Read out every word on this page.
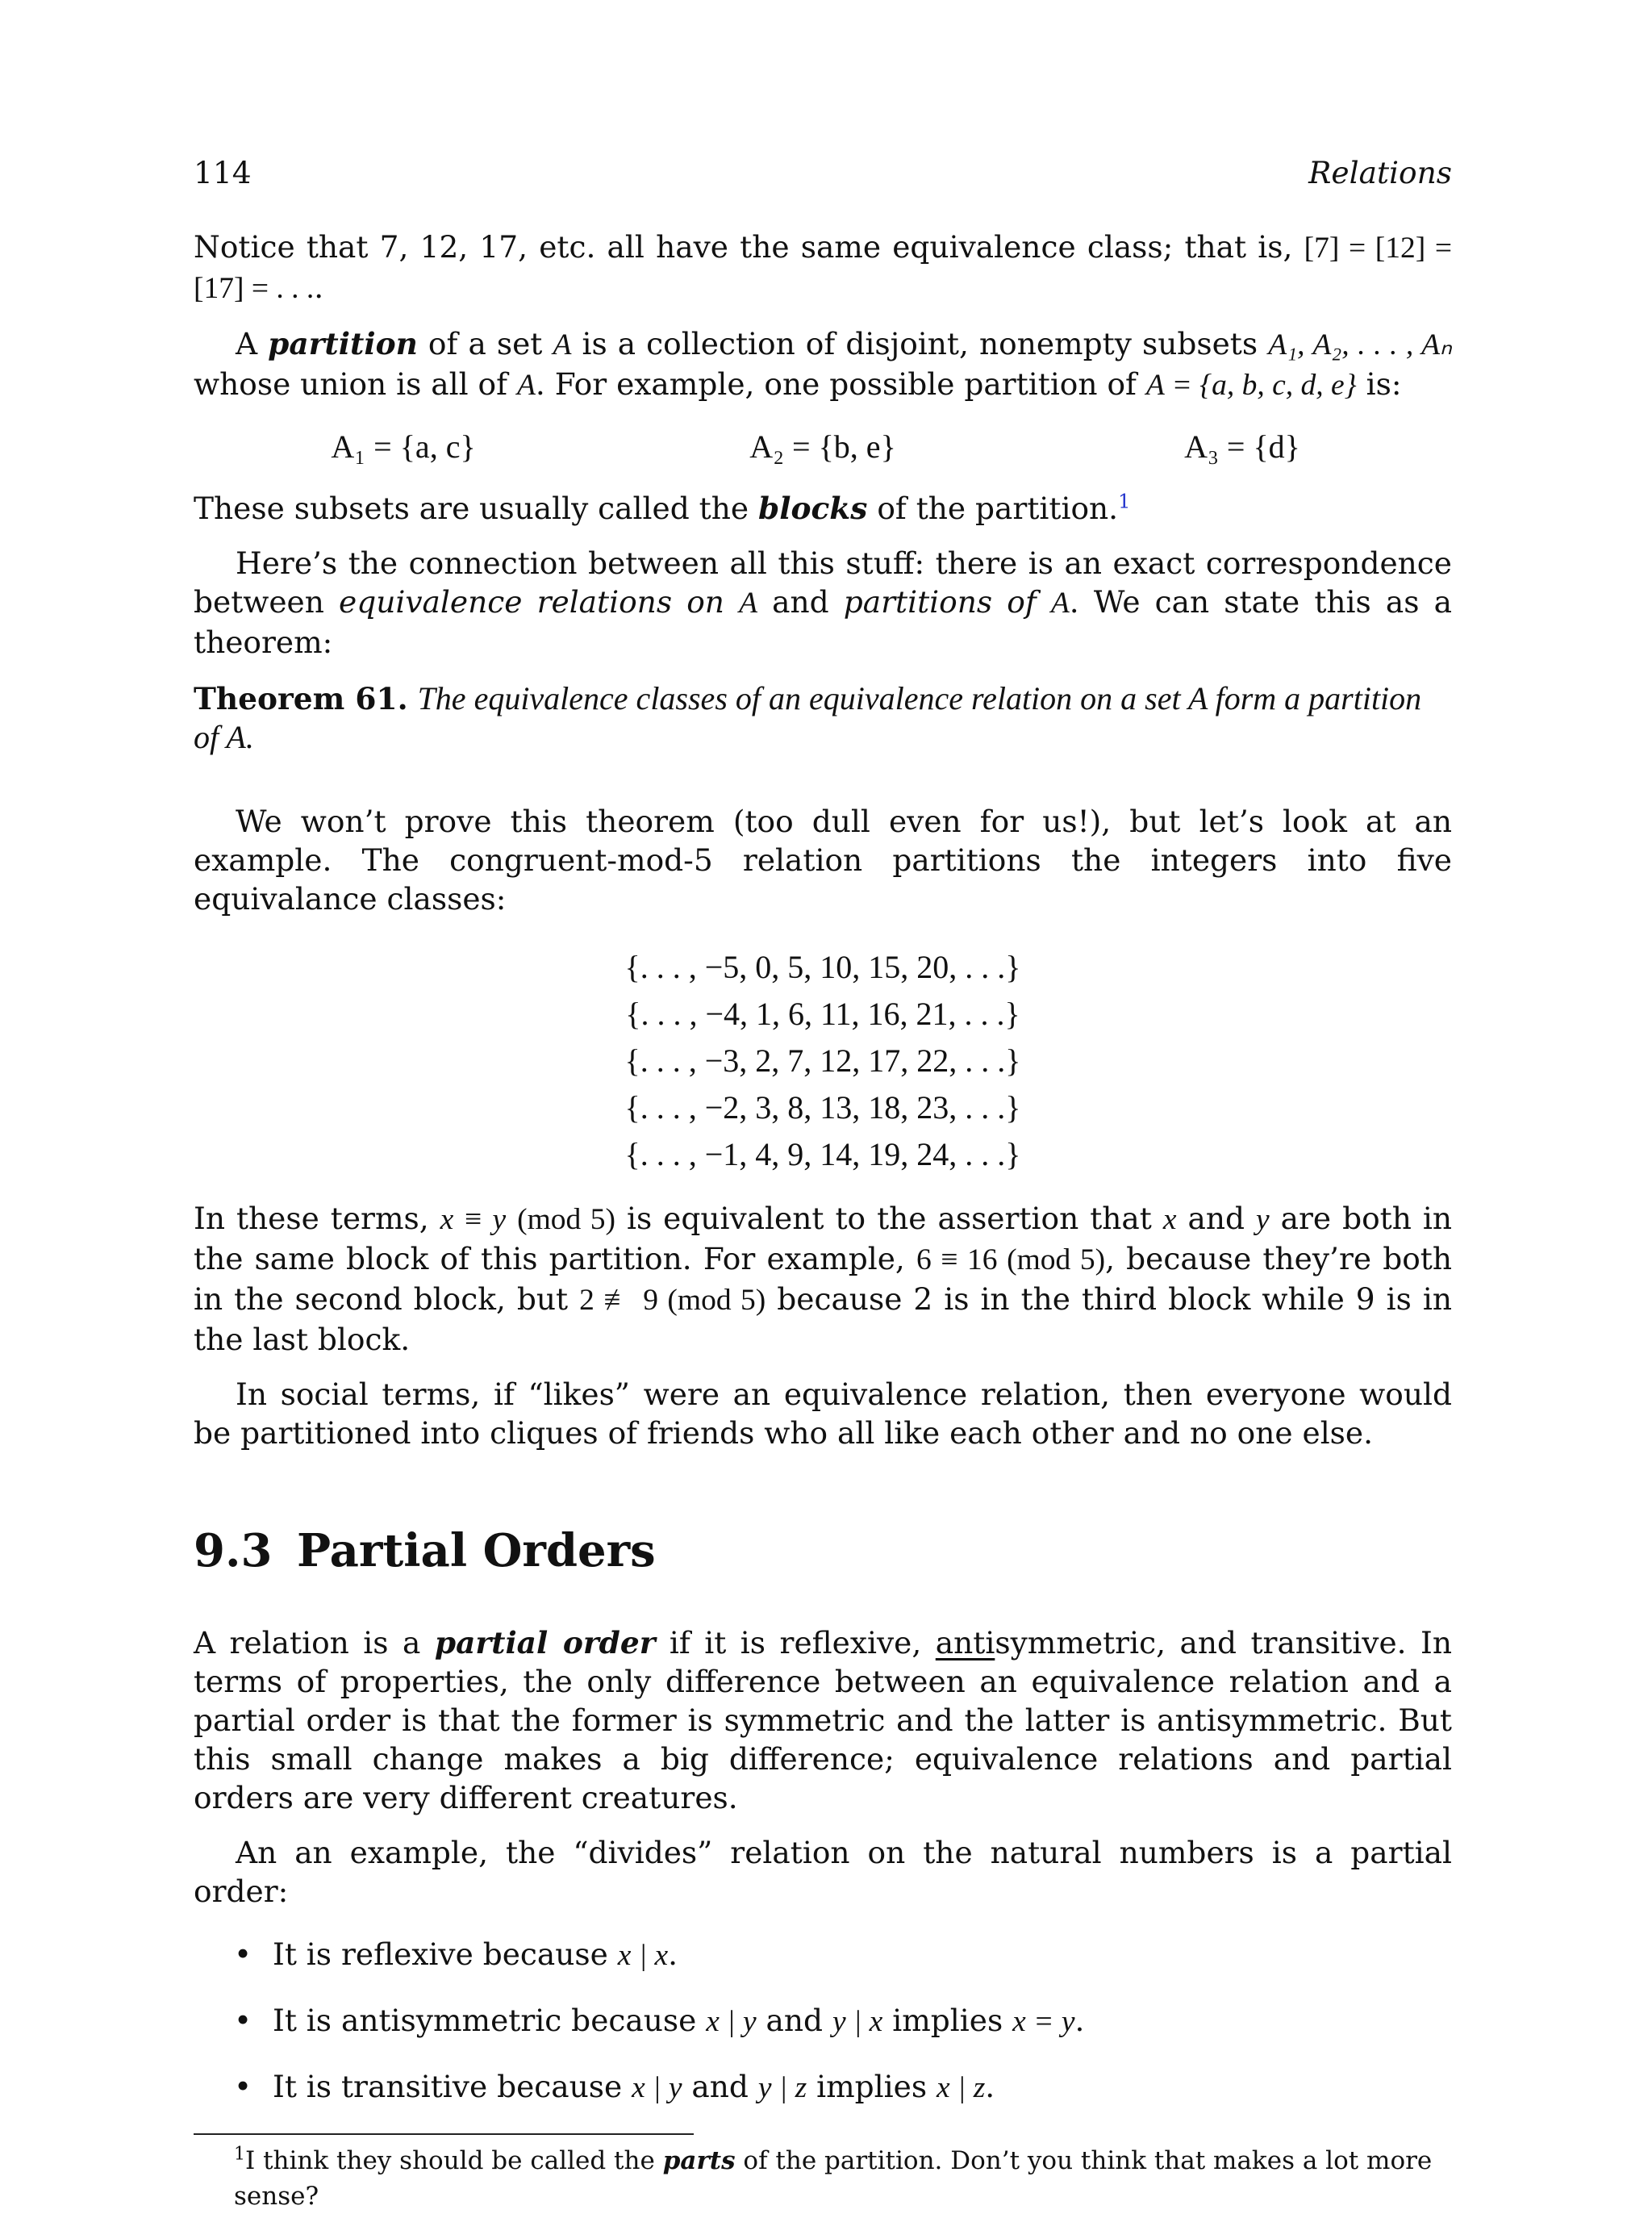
114	Relations

Notice that 7, 12, 17, etc. all have the same equivalence class; that is, [7] = [12] = [17] = . . ..

A partition of a set A is a collection of disjoint, nonempty subsets A₁, A₂, . . . , Aₙ whose union is all of A. For example, one possible partition of A = {a, b, c, d, e} is:

A₁ = {a, c}	A₂ = {b, e}	A₃ = {d}

These subsets are usually called the blocks of the partition.$^1$

Here’s the connection between all this stuff: there is an exact correspondence between equivalence relations on A and partitions of A. We can state this as a theorem:

Theorem 61. The equivalence classes of an equivalence relation on a set A form a partition of A.

We won’t prove this theorem (too dull even for us!), but let’s look at an example. The congruent-mod-5 relation partitions the integers into five equivalance classes:

{. . . , −5, 0, 5, 10, 15, 20, . . .}
{. . . , −4, 1, 6, 11, 16, 21, . . .}
{. . . , −3, 2, 7, 12, 17, 22, . . .}
{. . . , −2, 3, 8, 13, 18, 23, . . .}
{. . . , −1, 4, 9, 14, 19, 24, . . .}

In these terms, x ≡ y (mod 5) is equivalent to the assertion that x and y are both in the same block of this partition. For example, 6 ≡ 16 (mod 5), because they’re both in the second block, but 2 ≢ 9 (mod 5) because 2 is in the third block while 9 is in the last block.

In social terms, if “likes” were an equivalence relation, then everyone would be partitioned into cliques of friends who all like each other and no one else.

9.3 Partial Orders

A relation is a partial order if it is reflexive, antisymmetric, and transitive. In terms of properties, the only difference between an equivalence relation and a partial order is that the former is symmetric and the latter is antisymmetric. But this small change makes a big difference; equivalence relations and partial orders are very different creatures.

An an example, the “divides” relation on the natural numbers is a partial order:

• It is reflexive because x | x.
• It is antisymmetric because x | y and y | x implies x = y.
• It is transitive because x | y and y | z implies x | z.
$^1$I think they should be called the parts of the partition. Don’t you think that makes a lot more sense?
